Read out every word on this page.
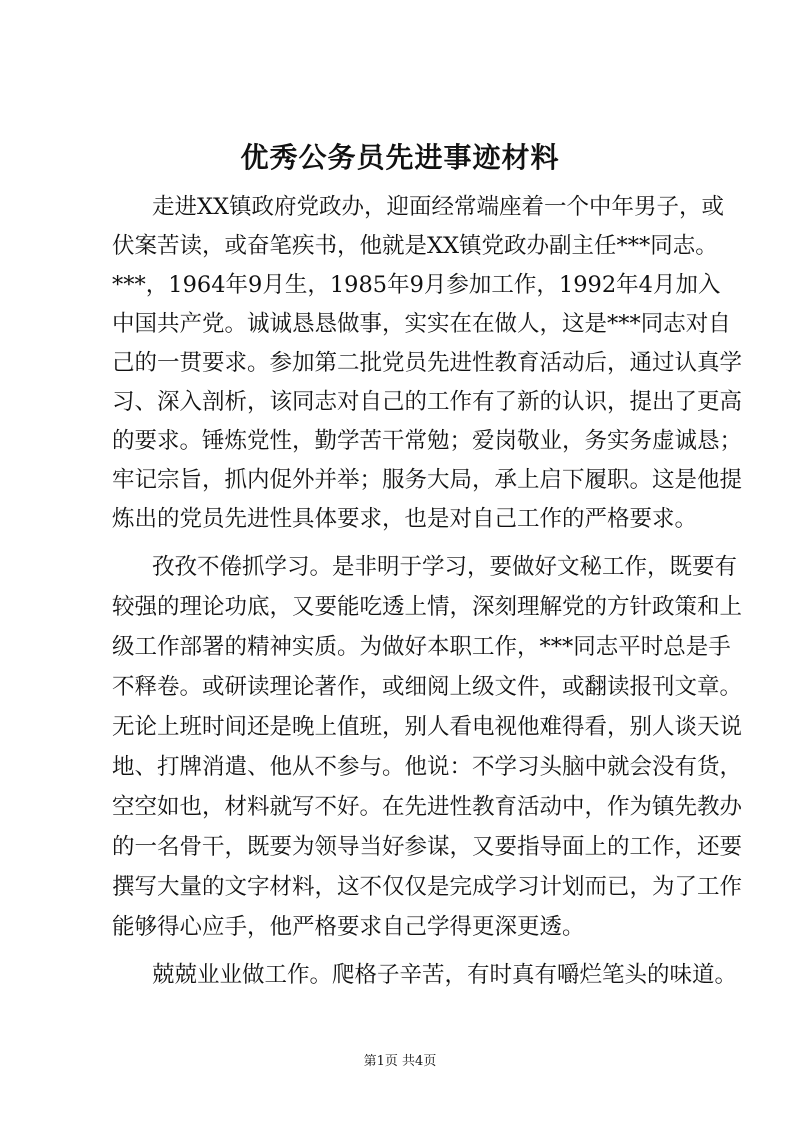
优秀公务员先进事迹材料
走进XX镇政府党政办，迎面经常端座着一个中年男子，或
伏案苦读，或奋笔疾书，他就是XX镇党政办副主任***同志。
***，1964年9月生，1985年9月参加工作，1992年4月加入
中国共产党。诚诚恳恳做事，实实在在做人，这是***同志对自
己的一贯要求。参加第二批党员先进性教育活动后，通过认真学
习、深入剖析，该同志对自己的工作有了新的认识，提出了更高
的要求。锤炼党性，勤学苦干常勉；爱岗敬业，务实务虚诚恳；
牢记宗旨，抓内促外并举；服务大局，承上启下履职。这是他提
炼出的党员先进性具体要求，也是对自己工作的严格要求。
孜孜不倦抓学习。是非明于学习，要做好文秘工作，既要有
较强的理论功底，又要能吃透上情，深刻理解党的方针政策和上
级工作部署的精神实质。为做好本职工作，***同志平时总是手
不释卷。或研读理论著作，或细阅上级文件，或翻读报刊文章。
无论上班时间还是晚上值班，别人看电视他难得看，别人谈天说
地、打牌消遣、他从不参与。他说：不学习头脑中就会没有货，
空空如也，材料就写不好。在先进性教育活动中，作为镇先教办
的一名骨干，既要为领导当好参谋，又要指导面上的工作，还要
撰写大量的文字材料，这不仅仅是完成学习计划而已，为了工作
能够得心应手，他严格要求自己学得更深更透。
兢兢业业做工作。爬格子辛苦，有时真有嚼烂笔头的味道。
第1页 共4页
